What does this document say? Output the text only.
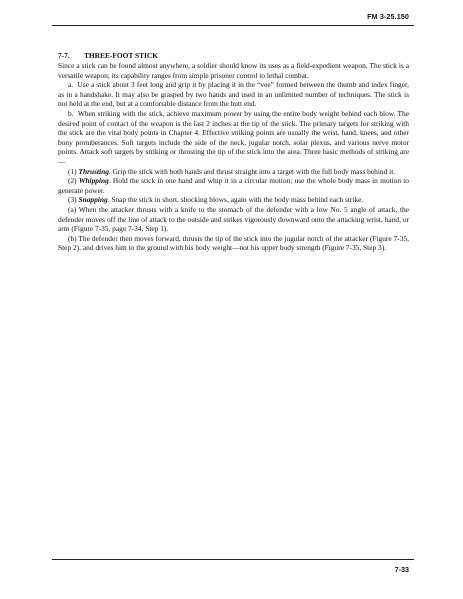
FM 3-25.150
7-7. THREE-FOOT STICK

Since a stick can be found almost anywhere, a soldier should know its uses as a field-expedient weapon. The stick is a versatile weapon; its capability ranges from simple prisoner control to lethal combat.

a.  Use a stick about 3 feet long and grip it by placing it in the “vee” formed between the thumb and index finger, as in a handshake. It may also be grasped by two hands and used in an unlimited number of techniques. The stick is not held at the end, but at a comfortable distance from the butt end.

b.  When striking with the stick, achieve maximum power by using the entire body weight behind each blow. The desired point of contact of the weapon is the last 2 inches at the tip of the stick. The primary targets for striking with the stick are the vital body points in Chapter 4. Effective striking points are usually the wrist, hand, knees, and other bony protuberances. Soft targets include the side of the neck, jugular notch, solar plexus, and various nerve motor points. Attack soft targets by striking or thrusting the tip of the stick into the area. Three basic methods of striking are—

(1) Thrusting. Grip the stick with both hands and thrust straight into a target with the full body mass behind it.

(2) Whipping. Hold the stick in one hand and whip it in a circular motion; use the whole body mass in motion to generate power.

(3) Snapping. Snap the stick in short, shocking blows, again with the body mass behind each strike.

(a) When the attacker thrusts with a knife to the stomach of the defender with a low No. 5 angle of attack, the defender moves off the line of attack to the outside and strikes vigorously downward onto the attacking wrist, hand, or arm (Figure 7-35, page 7-34, Step 1).

(b) The defender then moves forward, thrusts the tip of the stick into the jugular notch of the attacker (Figure 7-35, Step 2), and drives him to the ground with his body weight—not his upper body strength (Figure 7-35, Step 3).

7-33
